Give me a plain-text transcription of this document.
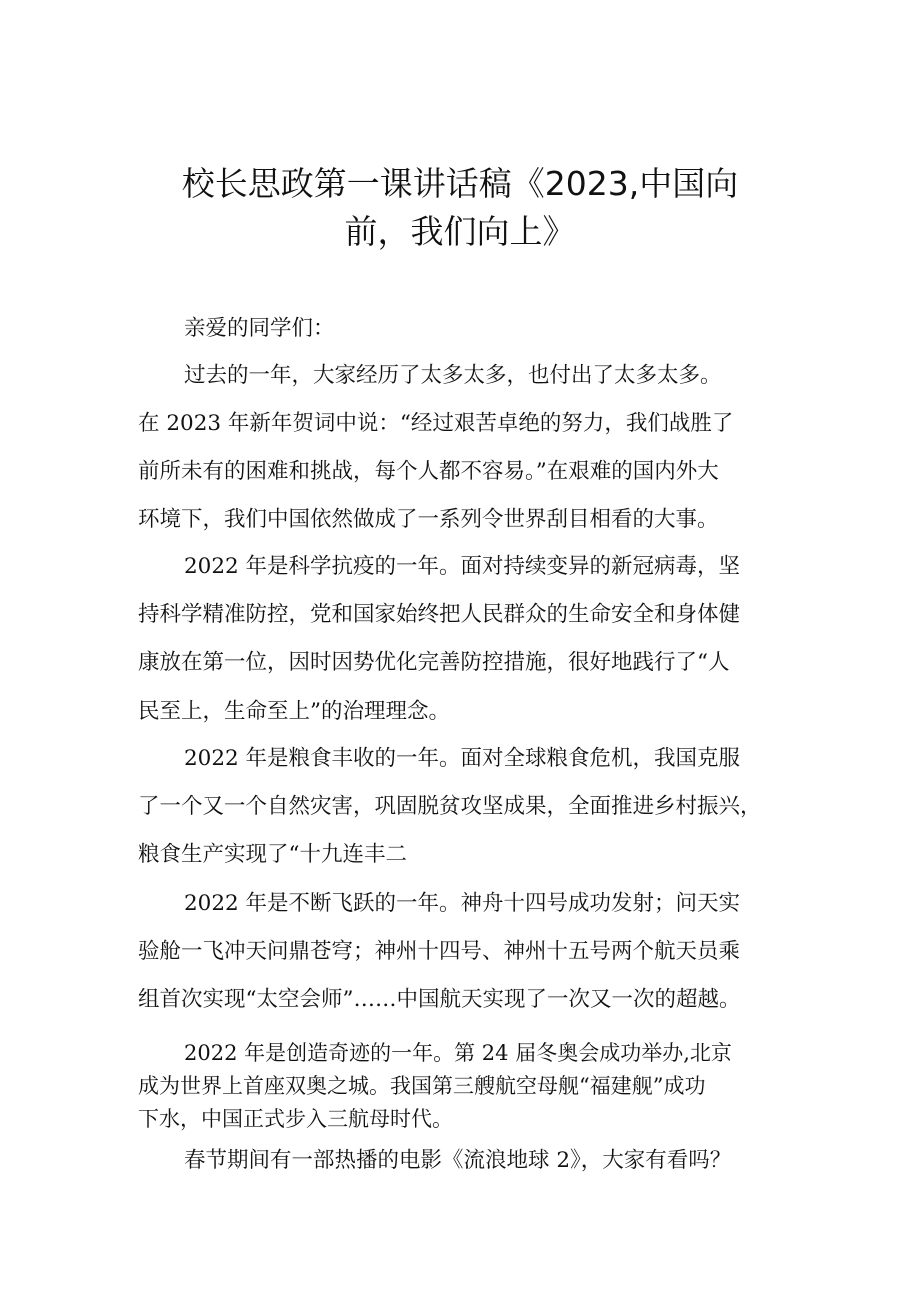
校长思政第一课讲话稿《2023,中国向
前，我们向上》
亲爱的同学们：
过去的一年，大家经历了太多太多，也付出了太多太多。
在 2023 年新年贺词中说：“经过艰苦卓绝的努力，我们战胜了
前所未有的困难和挑战，每个人都不容易。”在艰难的国内外大
环境下，我们中国依然做成了一系列令世界刮目相看的大事。
2022 年是科学抗疫的一年。面对持续变异的新冠病毒，坚
持科学精准防控，党和国家始终把人民群众的生命安全和身体健
康放在第一位，因时因势优化完善防控措施，很好地践行了“人
民至上，生命至上”的治理理念。
2022 年是粮食丰收的一年。面对全球粮食危机，我国克服
了一个又一个自然灾害，巩固脱贫攻坚成果，全面推进乡村振兴，
粮食生产实现了“十九连丰二
2022 年是不断飞跃的一年。神舟十四号成功发射；问天实
验舱一飞冲天问鼎苍穹；神州十四号、神州十五号两个航天员乘
组首次实现“太空会师”……中国航天实现了一次又一次的超越。
2022 年是创造奇迹的一年。第 24 届冬奥会成功举办,北京
成为世界上首座双奥之城。我国第三艘航空母舰“福建舰”成功
下水，中国正式步入三航母时代。
春节期间有一部热播的电影《流浪地球 2》，大家有看吗？
